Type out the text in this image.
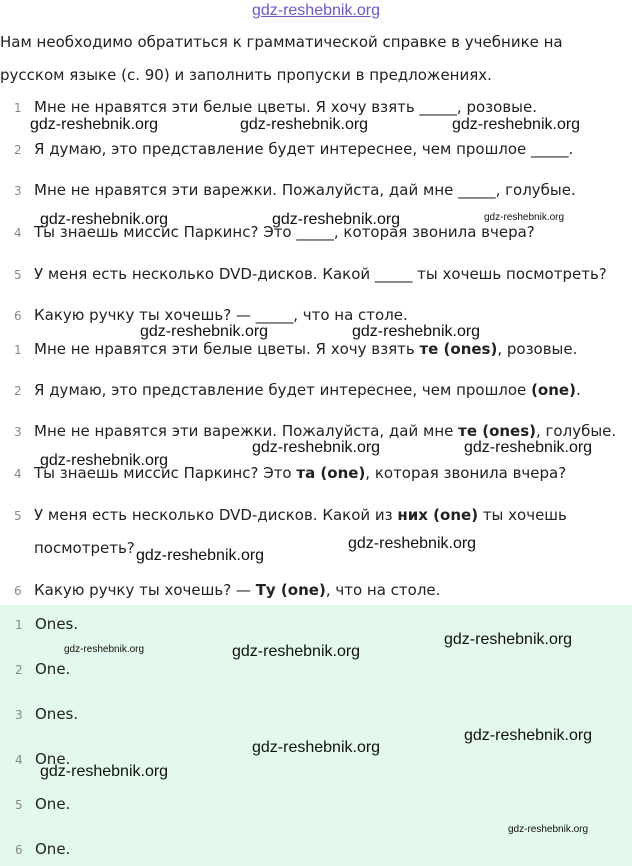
gdz-reshebnik.org
Нам необходимо обратиться к грамматической справке в учебнике на
русском языке (с. 90) и заполнить пропуски в предложениях.
1 Мне не нравятся эти белые цветы. Я хочу взять _____, розовые.
2 Я думаю, это представление будет интереснее, чем прошлое _____.
3 Мне не нравятся эти варежки. Пожалуйста, дай мне _____, голубые.
4 Ты знаешь миссис Паркинс? Это _____, которая звонила вчера?
5 У меня есть несколько DVD-дисков. Какой _____ ты хочешь посмотреть?
6 Какую ручку ты хочешь? — _____, что на столе.
1 Мне не нравятся эти белые цветы. Я хочу взять те (ones), розовые.
2 Я думаю, это представление будет интереснее, чем прошлое (one).
3 Мне не нравятся эти варежки. Пожалуйста, дай мне те (ones), голубые.
4 Ты знаешь миссис Паркинс? Это та (one), которая звонила вчера?
5 У меня есть несколько DVD-дисков. Какой из них (one) ты хочешь
посмотреть?
6 Какую ручку ты хочешь? — Ту (one), что на столе.
1 Ones.
2 One.
3 Ones.
4 One.
5 One.
6 One.
gdz-reshebnik.org	gdz-reshebnik.org	gdz-reshebnik.org
gdz-reshebnik.org	gdz-reshebnik.org	gdz-reshebnik.org
gdz-reshebnik.org	gdz-reshebnik.org
gdz-reshebnik.org	gdz-reshebnik.org
gdz-reshebnik.org
gdz-reshebnik.org
gdz-reshebnik.org
gdz-reshebnik.org
gdz-reshebnik.org	gdz-reshebnik.org
gdz-reshebnik.org
gdz-reshebnik.org
gdz-reshebnik.org
gdz-reshebnik.org
